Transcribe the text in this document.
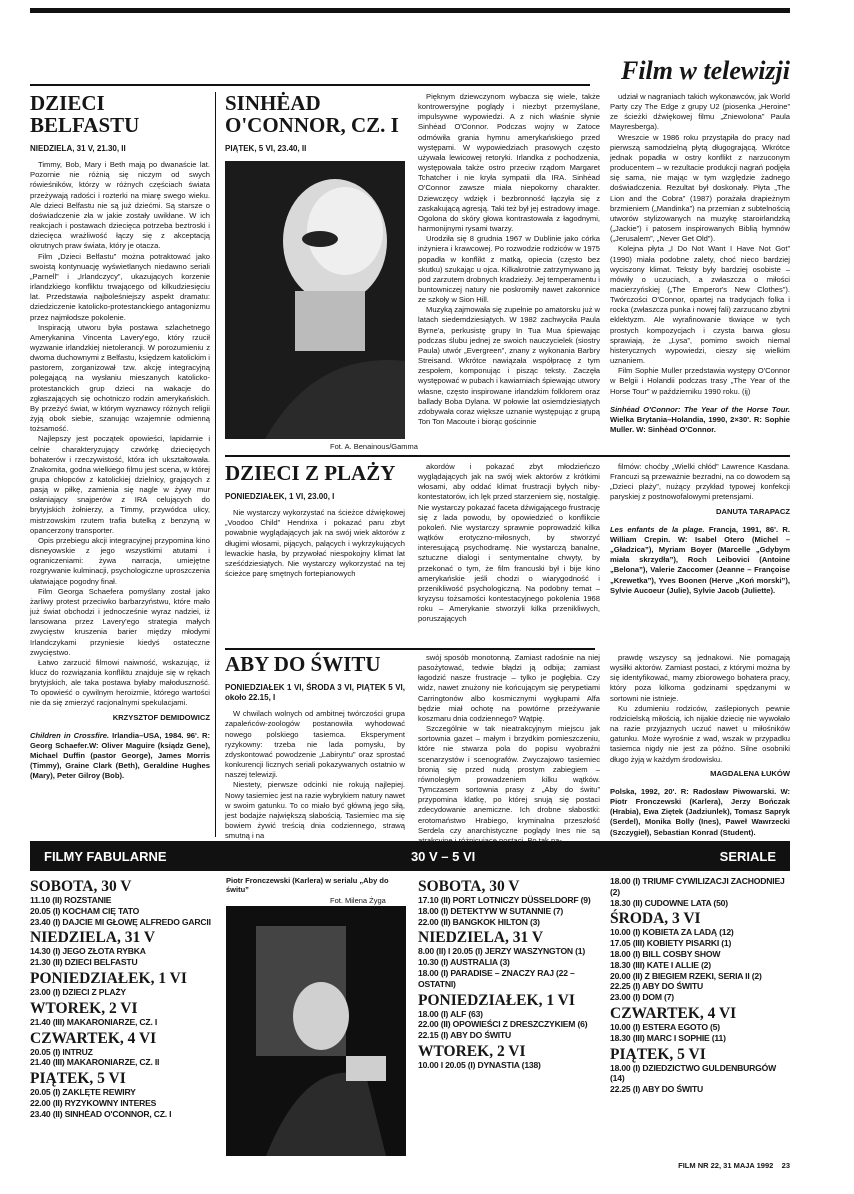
Film w telewizji
DZIECI BELFASTU
NIEDZIELA, 31 V, 21.30, II

Timmy, Bob, Mary i Beth mają po dwanaście lat. Pozornie nie różnią się niczym od swych rówieśników, którzy w różnych częściach świata przeżywają radości i rozterki na miarę swego wieku. Ale dzieci Belfastu nie są już dziećmi. Są starsze o doświadczenie zła w jakie zostały uwikłane. W ich reakcjach i postawach dziecięca potrzeba beztroski i dziecięca wrażliwość łączy się z akceptacją okrutnych praw świata, który je otacza.

Film „Dzieci Belfastu” można potraktować jako swoistą kontynuację wyświetlanych niedawno seriali „Parnell” i „Irlandczycy”, ukazujących korzenie irlandzkiego konfliktu trwającego od kilkudziesięciu lat. Przedstawia najboleśniejszy aspekt dramatu: dziedziczenie katolicko-protestanckiego antagonizmu przez najmłodsze pokolenie.

Inspiracją utworu była postawa szlachetnego Amerykanina Vincenta Lavery'ego, który rzucił wyzwanie irlandzkiej nietolerancji. W porozumieniu z dwoma duchownymi z Belfastu, księdzem katolickim i pastorem, zorganizował tzw. akcję integracyjną polegającą na wysłaniu mieszanych katolicko-protestanckich grup dzieci na wakacje do zgłaszających się ochotniczo rodzin amerykańskich. By przeżyć świat, w którym wyznawcy różnych religii żyją obok siebie, szanując wzajemnie odmienną tożsamość.

Najlepszy jest początek opowieści, lapidarnie i celnie charakteryzujący czwórkę dziecięcych bohaterów i rzeczywistość, która ich ukształtowała. Znakomita, godna wielkiego filmu jest scena, w której grupa chłopców z katolickiej dzielnicy, grających z pasją w piłkę, zamienia się nagle w żywy mur osłaniający snajperów z IRA celujących do brytyjskich żołnierzy, a Timmy, przywódca ulicy, mistrzowskim rzutem trafia butelką z benzyną w opancerzony transporter.

Opis przebiegu akcji integracyjnej przypomina kino disneyowskie z jego wszystkimi atutami i ograniczeniami: żywa narracja, umiejętne rozgrywanie kulminacji, psychologiczne uproszczenia ułatwiające pogodny finał.

Film Georga Schaefera pomyślany został jako żarliwy protest przeciwko barbarzyństwu, które mało już świat obchodzi i jednocześnie wyraz nadziei, iż lansowana przez Lavery'ego strategia małych zwycięstw kruszenia barier między młodymi Irlandczykami przyniesie kiedyś ostateczne zwycięstwo.

Łatwo zarzucić filmowi naiwność, wskazując, iż klucz do rozwiązania konfliktu znajduje się w rękach brytyjskich, ale taka postawa byłaby małoduszność. To opowieść o cywilnym heroizmie, którego wartości nie da się zmierzyć racjonalnymi spekulacjami.

KRZYSZTOF DEMIDOWICZ
Children in Crossfire. Irlandia–USA, 1984. 96'. R: Georg Schaefer.W: Oliver Maguire (ksiądz Gene), Michael Duffin (pastor George), James Morris (Timmy), Graine Clark (Beth), Geraldine Hughes (Mary), Peter Gilroy (Bob).
SINHĖAD O'CONNOR, CZ. I
PIĄTEK, 5 VI, 23.40, II
Fot. A. Benainous/Gamma

Pięknym dziewczynom wybacza się wiele, także kontrowersyjne poglądy i niezbyt przemyślane, impulsywne wypowiedzi. A z nich właśnie słynie Sinhėad O'Connor. Podczas wojny w Zatoce odmówiła grania hymnu amerykańskiego przed występami. W wypowiedziach prasowych często używała lewicowej retoryki. Irlandka z pochodzenia, występowała także ostro przeciw rządom Margaret Tchatcher i nie kryła sympatii dla IRA. Sinhėad O'Connor zawsze miała niepokorny charakter. Dziewczęcy wdzięk i bezbronność łączyła się z zaskakującą agresją. Taki też był jej estradowy image. Ogolona do skóry głowa kontrastowała z łagodnymi, harmonijnymi rysami twarzy.

Urodziła się 8 grudnia 1967 w Dublinie jako córka inżyniera i krawcowej. Po rozwodzie rodziców w 1975 popadła w konflikt z matką, opiecia (często bez skutku) szukając u ojca. Kilkakrotnie zatrzymywano ją pod zarzutem drobnych kradzieży. Jej temperamentu i buntowniczej natury nie poskromiły nawet zakonnice ze szkoły w Sion Hill.

Muzyką zajmowała się zupełnie po amatorsku już w latach siedemdziesiątych. W 1982 zachwyciła Paula Byrne'a, perkusistę grupy In Tua Mua śpiewając podczas ślubu jednej ze swoich nauczycielek (siostry Paula) utwór „Evergreen”, znany z wykonania Barbry Streisand. Wkrótce nawiązała współpracę z tym zespołem, komponując i pisząc teksty. Zaczęła występować w pubach i kawiarniach śpiewając utwory własne, często inspirowane irlandzkim folklorem oraz ballady Boba Dylana. W połowie lat osiemdziesiątych zdobywała coraz większe uznanie występując z grupą Ton Ton Macoute i biorąc gościnnie

udział w nagraniach takich wykonawców, jak World Party czy The Edge z grupy U2 (piosenka „Heroine” ze ścieżki dźwiękowej filmu „Zniewolona” Paula Mayresberga).

Wreszcie w 1986 roku przystąpiła do pracy nad pierwszą samodzielną płytą długogrającą. Wkrótce jednak popadła w ostry konflikt z narzuconym producentem – w rezultacie produkcji nagrań podjęła się sama, nie mając w tym względzie żadnego doświadczenia. Rezultat był doskonały. Płyta „The Lion and the Cobra” (1987) porażała drapieżnym brzmieniem („Mandinka”) na przemian z subtelnością utworów stylizowanych na muzykę staroirlandzką („Jackie”) i patosem inspirowanych Biblią hymnów („Jerusalem”, „Never Get Old”).

Kolejna płyta „I Do Not Want I Have Not Got” (1990) miała podobne zalety, choć nieco bardziej wyciszony klimat. Teksty były bardziej osobiste – mówiły o uczuciach, a zwłaszcza o miłości macierzyńskiej („The Emperor's New Clothes”). Twórczości O'Connor, opartej na tradycjach folka i rocka (zwłaszcza punka i nowej fali) zarzucano zbytni eklektyzm. Ale wyrafinowanie tkwiące w tych prostych kompozycjach i czysta barwa głosu sprawiają, że „Lysa”, pomimo swoich niemal histerycznych wypowiedzi, cieszy się wielkim uznaniem.

Film Sophie Muller przedstawia występy O'Connor w Belgii i Holandii podczas trasy „The Year of the Horse Tour” w październiku 1990 roku. (ij)

Sinhėad O'Connor: The Year of the Horse Tour. Wielka Brytania–Holandia, 1990, 2×30'. R: Sophie Muller. W: Sinhėad O'Connor.
DZIECI Z PLAŻY
PONIEDZIAŁEK, 1 VI, 23.00, I

Nie wystarczy wykorzystać na ścieżce dźwiękowej „Voodoo Child” Hendrixa i pokazać paru zbyt powabnie wyglądających jak na swój wiek aktorów z długimi włosami, pijących, palących i wykrzykujących lewackie hasła, by przywołać niespokojny klimat lat sześćdziesiątych. Nie wystarczy wykorzystać na tej ścieżce parę smętnych fortepianowych

akordów i pokazać zbyt młodzieńczo wyglądających jak na swój wiek aktorów z krótkimi włosami, aby oddać klimat frustracji byłych niby-kontestatorów, ich lęk przed starzeniem się, nostalgię. Nie wystarczy pokazać faceta dźwigającego frustrację się z lada powodu, by opowiedzieć o konflikcie pokoleń. Nie wystarczy sprawnie poprowadzić kilka wątków erotyczno-miłosnych, by stworzyć interesującą psychodramę. Nie wystarczą banalne, sztuczne dialogi i sentymentalne chwyty, by przekonać o tym, że film francuski był i bije kino amerykańskie jeśli chodzi o wiarygodność i przenikliwość psychologiczną. Na podobny temat – kryzysu tożsamości kontestacyjnego pokolenia 1968 roku – Amerykanie stworzyli kilka przenikliwych, poruszających

filmów: choćby „Wielki chłód” Lawrence Kasdana. Francuzi są przeważnie bezradni, na co dowodem są „Dzieci plaży”, nużący przykład typowej konfekcji paryskiej z postnowofalowymi pretensjami.

DANUTA TARAPACZ
Les enfants de la plage. Francja, 1991, 86'. R. William Crepin. W: Isabel Otero (Michel –„Gładzica”), Myriam Boyer (Marcelle „Gdybym miała skrzydła”), Roch Leibovici (Antoine „Belona”), Valerie Zaccomer (Jeanne – Françoise „Krewetka”), Yves Boonen (Herve „Koń morski”), Sylvie Aucoeur (Julie), Sylvie Jacob (Juliette).
ABY DO ŚWITU
PONIEDZIAŁEK 1 VI, ŚRODA 3 VI, PIĄTEK 5 VI, około 22.15, I

W chwilach wolnych od ambitnej twórczości grupa zapaleńców-zoologów postanowiła wyhodować nowego polskiego tasiemca. Eksperyment ryzykowny: trzeba nie lada pomysłu, by zdyskontować powodzenie „Labiryntu” oraz sprostać konkurencji licznych seriali pokazywanych ostatnio w naszej telewizji.

Niestety, pierwsze odcinki nie rokują najlepiej. Nowy tasiemiec jest na razie wybrykiem natury nawet w swoim gatunku. To co miało być główną jego siłą, jest bodajże największą słabością. Tasiemiec ma się bowiem żywić treścią dnia codziennego, strawą smutną i na

swój sposób monotonną. Zamiast radośnie na niej pasożytować, tedwie błądzi ją odbija; zamiast łagodzić nasze frustracje – tylko je pogłębia. Czy widz, nawet znużony nie końcującym się perypetiami Carringtonów albo kosmicznymi wygłupami Alfa będzie miał ochotę na powtórne przeżywanie koszmaru dnia codziennego? Wątpię.

Szczególnie w tak nieatrakcyjnym miejscu jak sortownia gazet – małym i brzydkim pomieszczeniu, które nie stwarza pola do popisu wyobraźni scenarzystów i scenografów. Zwyczajowo tasiemiec bronią się przed nudą prostym zabiegiem – równoległym prowadzeniem kilku wątków. Tymczasem sortownia prasy z „Aby do świtu” przypomina klatkę, po której snują się postaci zdecydowanie anemiczne. Ich drobne słabostki: erotomaństwo Hrabiego, kryminalna przeszłość Serdela czy anarchistyczne poglądy Ines nie są

prawdę wszyscy są jednakowi. Nie pomagają wysiłki aktorów. Zamiast postaci, z którymi można by się identyfikować, mamy zbiorowego bohatera pracy, który poza kilkoma godzinami spędzanymi w sortowni nie istnieje.

Ku zdumieniu rodziców, zaślepionych pewnie rodzicielską miłością, ich nijakie dziecię nie wywołało na razie przyjaznych uczuć nawet u miłośników gatunku. Może wyrośnie z wad, wszak w przypadku tasiemca nigdy nie jest za późno. Silne osobniki długo żyją w każdym środowisku.

MAGDALENA ŁUKÓW
Polska, 1992, 20'. R: Radosław Piwowarski. W: Piotr Fronczewski (Karlera), Jerzy Bończak (Hrabia), Ewa Ziętek (Jadziunlek), Tomasz Sapryk (Serdel), Monika Bolly (Ines), Paweł Wawrzecki (Szczygieł), Sebastian Konrad (Student).
FILMY FABULARNE	30 V – 5 VI	SERIALE
SOBOTA, 30 V
11.10 (II) ROZSTANIE
20.05 (I) KOCHAM CIĘ TATO
23.40 (I) DAJCIE MI GŁOWĘ ALFREDO GARCII
NIEDZIELA, 31 V
14.30 (I) JEGO ZŁOTA RYBKA
21.30 (II) DZIECI BELFASTU
PONIEDZIAŁEK, 1 VI
23.00 (I) DZIECI Z PLAŻY
WTOREK, 2 VI
21.40 (III) MAKARONIARZE, CZ. I
CZWARTEK, 4 VI
20.05 (I) INTRUZ
21.40 (III) MAKARONIARZE, CZ. II
PIĄTEK, 5 VI
20.05 (I) ZAKLĘTE REWIRY
22.00 (II) RYZYKOWNY INTERES
23.40 (II) SINHĖAD O'CONNOR, CZ. I
Piotr Fronczewski (Karlera) w serialu „Aby do świtu”
Fot. Milena Żyga
SOBOTA, 30 V
17.10 (II) PORT LOTNICZY DÜSSELDORF (9)
18.00 (I) DETEKTYW W SUTANNIE (7)
22.00 (II) BANGKOK HILTON (3)
NIEDZIELA, 31 V
8.00 (II) I 20.05 (I) JERZY WASZYNGTON (1)
10.30 (I) AUSTRALIA (3)
18.00 (I) PARADISE – ZNACZY RAJ (22 – OSTATNI)
PONIEDZIAŁEK, 1 VI
18.00 (I) ALF (63)
22.00 (II) OPOWIEŚCI Z DRESZCZYKIEM (6)
22.15 (I) ABY DO ŚWITU
WTOREK, 2 VI
10.00 I 20.05 (I) DYNASTIA (138)
18.00 (I) TRIUMF CYWILIZACJI ZACHODNIEJ (2)
18.30 (II) CUDOWNE LATA (50)
ŚRODA, 3 VI
10.00 (I) KOBIETA ZA LADĄ (12)
17.05 (III) KOBIETY PISARKI (1)
18.00 (I) BILL COSBY SHOW
18.30 (III) KATE I ALLIE (2)
20.00 (II) Z BIEGIEM RZEKI, SERIA II (2)
22.25 (I) ABY DO ŚWITU
23.00 (I) DOM (7)
CZWARTEK, 4 VI
10.00 (I) ESTERA EGOTO (5)
18.30 (III) MARC I SOPHIE (11)
PIĄTEK, 5 VI
18.00 (I) DZIEDZICTWO GULDENBURGÓW (14)
22.25 (I) ABY DO ŚWITU
FILM NR 22, 31 MAJA 1992 23
